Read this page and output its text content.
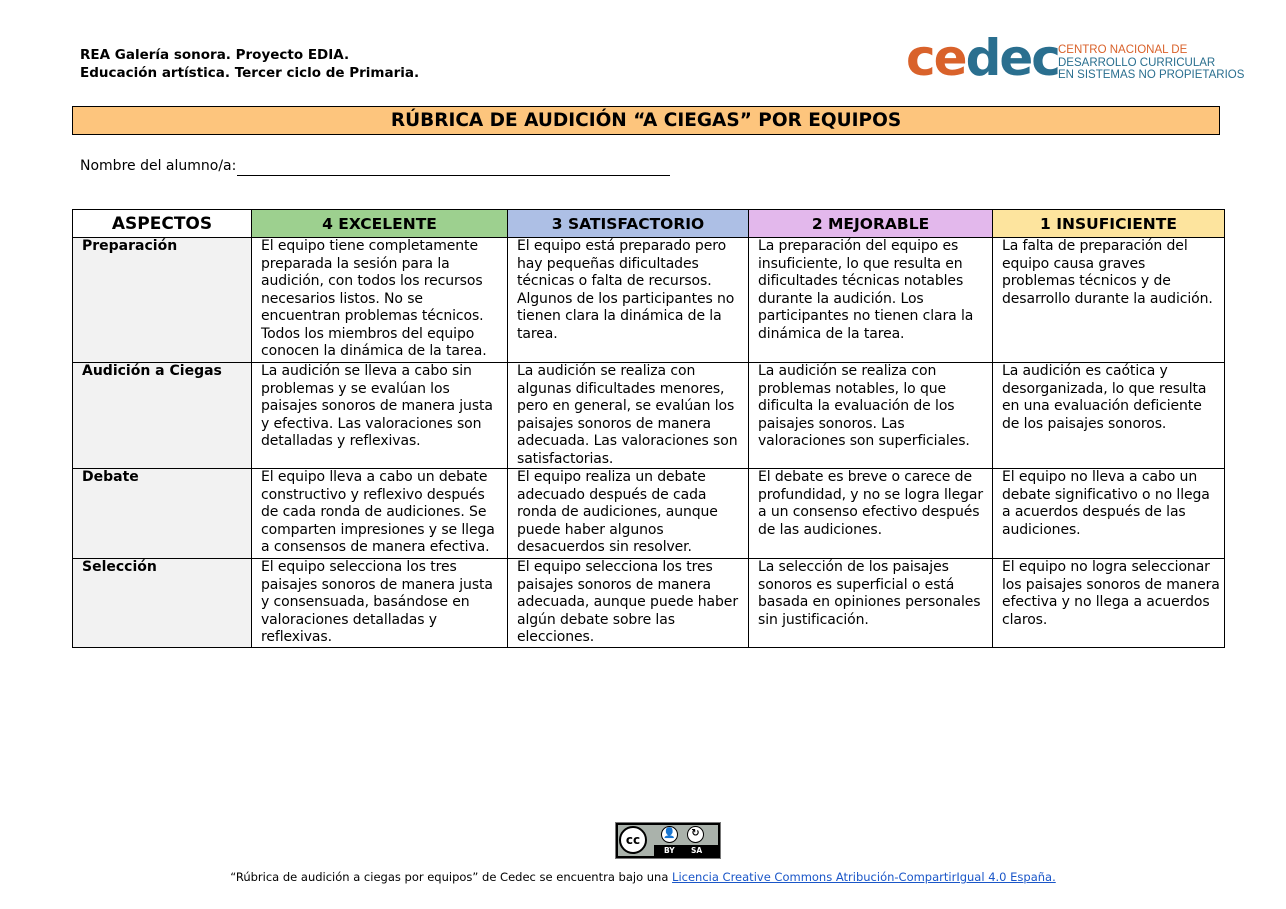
REA Galería sonora. Proyecto EDIA.
Educación artística. Tercer ciclo de Primaria.	cedec CENTRO NACIONAL DE
DESARROLLO CURRICULAR
EN SISTEMAS NO PROPIETARIOS
RÚBRICA DE AUDICIÓN “A CIEGAS” POR EQUIPOS
Nombre del alumno/a:
ASPECTOS	4 EXCELENTE	3 SATISFACTORIO	2 MEJORABLE	1 INSUFICIENTE
Preparación	El equipo tiene completamente preparada la sesión para la audición, con todos los recursos necesarios listos. No se encuentran problemas técnicos. Todos los miembros del equipo conocen la dinámica de la tarea.	El equipo está preparado pero hay pequeñas dificultades técnicas o falta de recursos. Algunos de los participantes no tienen clara la dinámica de la tarea.	La preparación del equipo es insuficiente, lo que resulta en dificultades técnicas notables durante la audición. Los participantes no tienen clara la dinámica de la tarea.	La falta de preparación del equipo causa graves problemas técnicos y de desarrollo durante la audición.
Audición a Ciegas	La audición se lleva a cabo sin problemas y se evalúan los paisajes sonoros de manera justa y efectiva. Las valoraciones son detalladas y reflexivas.	La audición se realiza con algunas dificultades menores, pero en general, se evalúan los paisajes sonoros de manera adecuada. Las valoraciones son satisfactorias.	La audición se realiza con problemas notables, lo que dificulta la evaluación de los paisajes sonoros. Las valoraciones son superficiales.	La audición es caótica y desorganizada, lo que resulta en una evaluación deficiente de los paisajes sonoros.
Debate	El equipo lleva a cabo un debate constructivo y reflexivo después de cada ronda de audiciones. Se comparten impresiones y se llega a consensos de manera efectiva.	El equipo realiza un debate adecuado después de cada ronda de audiciones, aunque puede haber algunos desacuerdos sin resolver.	El debate es breve o carece de profundidad, y no se logra llegar a un consenso efectivo después de las audiciones.	El equipo no lleva a cabo un debate significativo o no llega a acuerdos después de las audiciones.
Selección	El equipo selecciona los tres paisajes sonoros de manera justa y consensuada, basándose en valoraciones detalladas y reflexivas.	El equipo selecciona los tres paisajes sonoros de manera adecuada, aunque puede haber algún debate sobre las elecciones.	La selección de los paisajes sonoros es superficial o está basada en opiniones personales sin justificación.	El equipo no logra seleccionar los paisajes sonoros de manera efectiva y no llega a acuerdos claros.
cc	👤	↻
BY SA
“Rúbrica de audición a ciegas por equipos” de Cedec se encuentra bajo una Licencia Creative Commons Atribución-CompartirIgual 4.0 España.
